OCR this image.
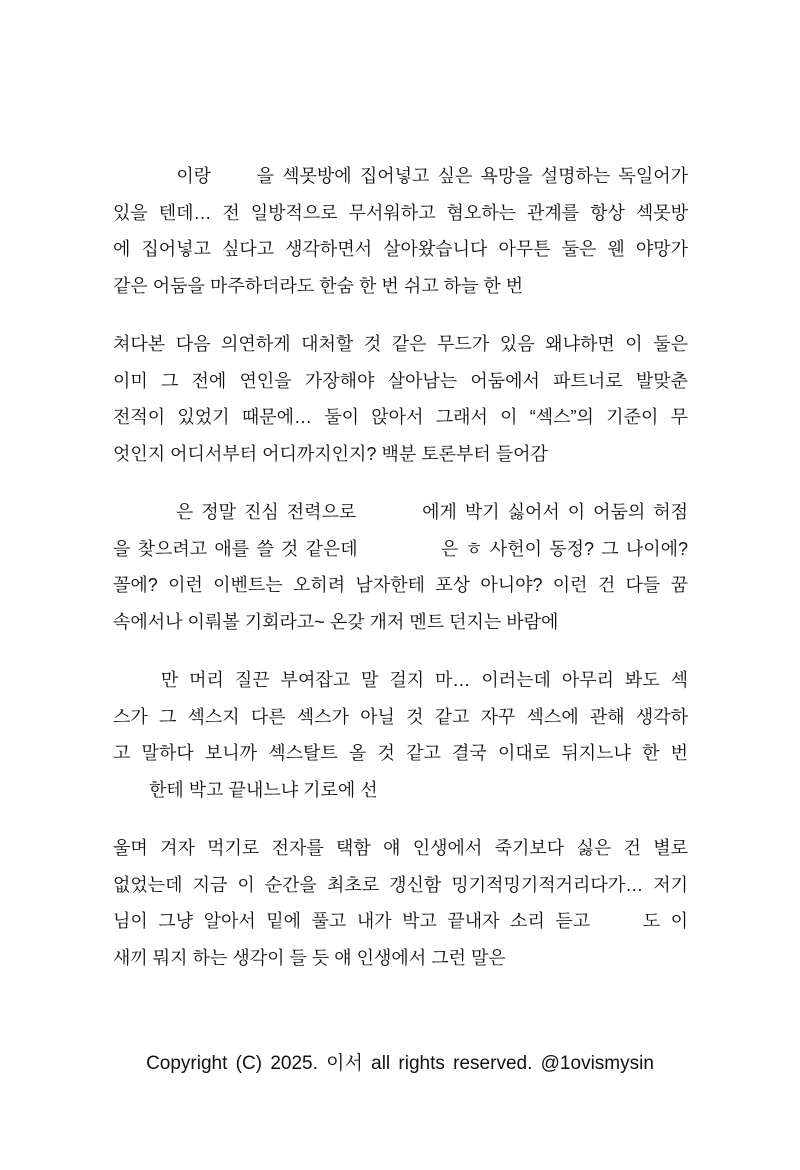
　　　이랑　　을 섹못방에 집어넣고 싶은 욕망을 설명하는 독일어가
있을 텐데… 전 일방적으로 무서워하고 혐오하는 관계를 항상 섹못방
에 집어넣고 싶다고 생각하면서 살아왔습니다 아무튼 둘은 웬 야망가
같은 어둠을 마주하더라도 한숨 한 번 쉬고 하늘 한 번
쳐다본 다음 의연하게 대처할 것 같은 무드가 있음 왜냐하면 이 둘은
이미 그 전에 연인을 가장해야 살아남는 어둠에서 파트너로 발맞춘
전적이 있었기 때문에… 둘이 앉아서 그래서 이 “섹스”의 기준이 무
엇인지 어디서부터 어디까지인지? 백분 토론부터 들어감
　　　은 정말 진심 전력으로　　　에게 박기 싫어서 이 어둠의 허점
을 찾으려고 애를 쓸 것 같은데　　　　은 ㅎ 사헌이 동정? 그 나이에?
꼴에? 이런 이벤트는 오히려 남자한테 포상 아니야? 이런 건 다들 꿈
속에서나 이뤄볼 기회라고~ 온갖 개저 멘트 던지는 바람에
　　만 머리 질끈 부여잡고 말 걸지 마… 이러는데 아무리 봐도 섹
스가 그 섹스지 다른 섹스가 아닐 것 같고 자꾸 섹스에 관해 생각하
고 말하다 보니까 섹스탈트 올 것 같고 결국 이대로 뒤지느냐 한 번
　　한테 박고 끝내느냐 기로에 선
울며 겨자 먹기로 전자를 택함 얘 인생에서 죽기보다 싫은 건 별로
없었는데 지금 이 순간을 최초로 갱신함 밍기적밍기적거리다가… 저기
님이 그냥 알아서 밑에 풀고 내가 박고 끝내자 소리 듣고　　도 이
새끼 뭐지 하는 생각이 들 듯 얘 인생에서 그런 말은
Copyright (C) 2025. 이서 all rights reserved. @1ovismysin
